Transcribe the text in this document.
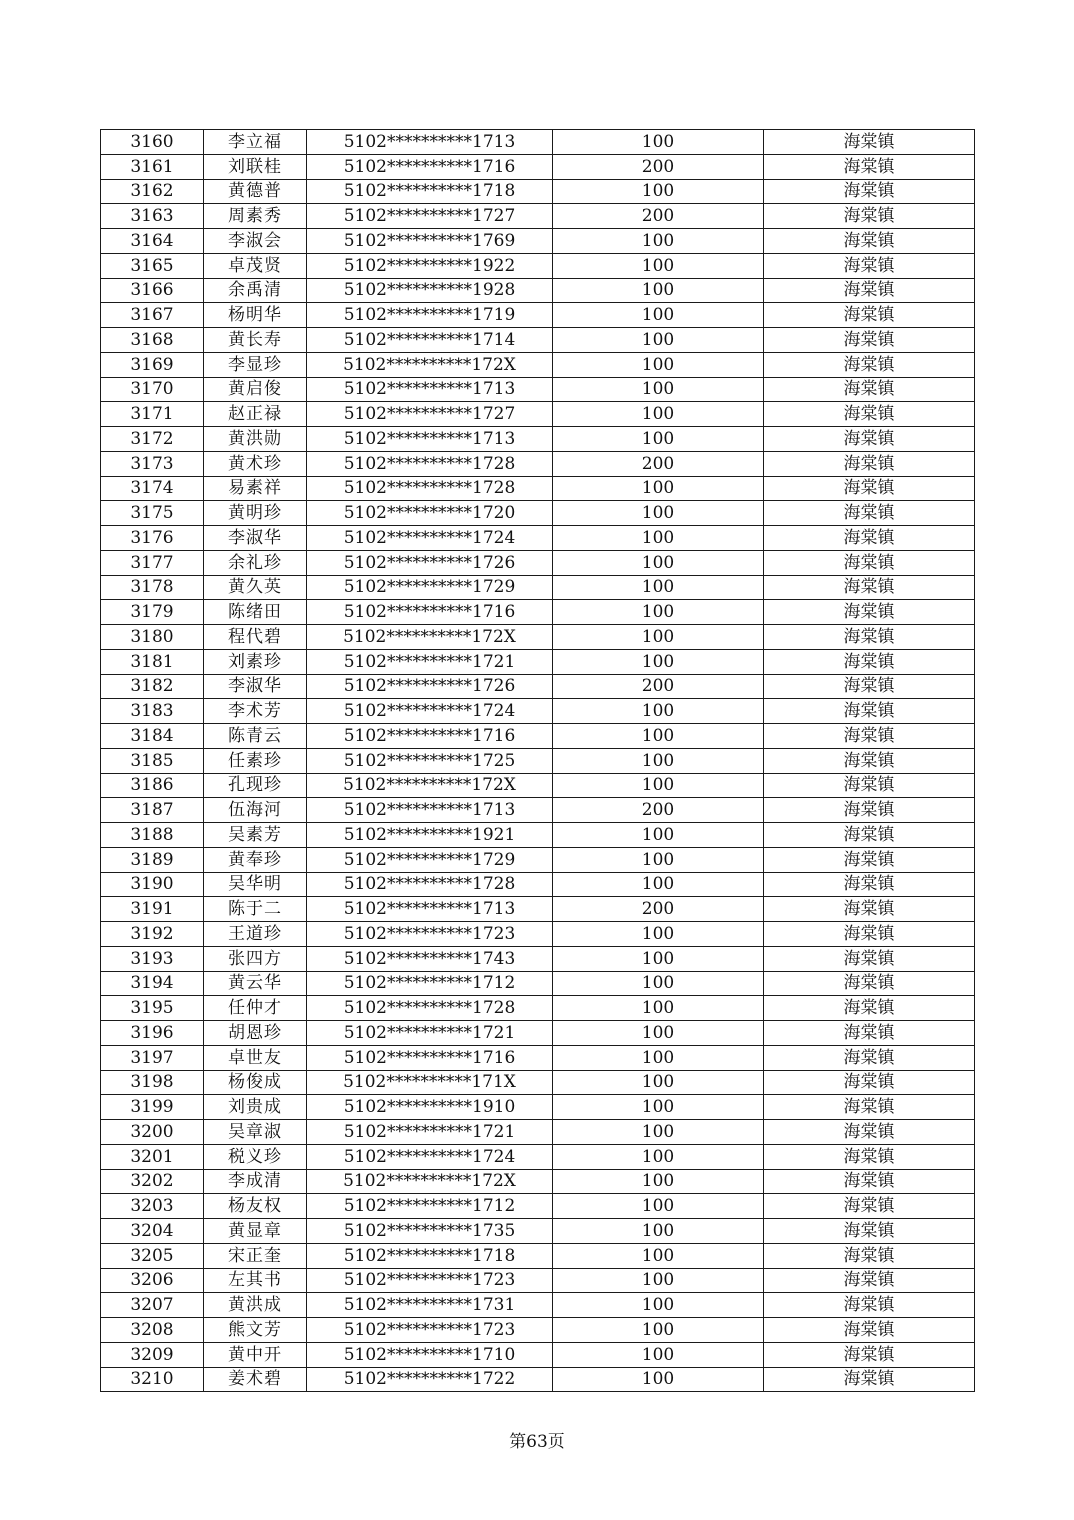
3160	李立福	5102**********1713	100	海棠镇
3161	刘联桂	5102**********1716	200	海棠镇
3162	黄德普	5102**********1718	100	海棠镇
3163	周素秀	5102**********1727	200	海棠镇
3164	李淑会	5102**********1769	100	海棠镇
3165	卓茂贤	5102**********1922	100	海棠镇
3166	余禹清	5102**********1928	100	海棠镇
3167	杨明华	5102**********1719	100	海棠镇
3168	黄长寿	5102**********1714	100	海棠镇
3169	李显珍	5102**********172X	100	海棠镇
3170	黄启俊	5102**********1713	100	海棠镇
3171	赵正禄	5102**********1727	100	海棠镇
3172	黄洪勋	5102**********1713	100	海棠镇
3173	黄术珍	5102**********1728	200	海棠镇
3174	易素祥	5102**********1728	100	海棠镇
3175	黄明珍	5102**********1720	100	海棠镇
3176	李淑华	5102**********1724	100	海棠镇
3177	余礼珍	5102**********1726	100	海棠镇
3178	黄久英	5102**********1729	100	海棠镇
3179	陈绪田	5102**********1716	100	海棠镇
3180	程代碧	5102**********172X	100	海棠镇
3181	刘素珍	5102**********1721	100	海棠镇
3182	李淑华	5102**********1726	200	海棠镇
3183	李术芳	5102**********1724	100	海棠镇
3184	陈青云	5102**********1716	100	海棠镇
3185	任素珍	5102**********1725	100	海棠镇
3186	孔现珍	5102**********172X	100	海棠镇
3187	伍海河	5102**********1713	200	海棠镇
3188	吴素芳	5102**********1921	100	海棠镇
3189	黄奉珍	5102**********1729	100	海棠镇
3190	吴华明	5102**********1728	100	海棠镇
3191	陈于二	5102**********1713	200	海棠镇
3192	王道珍	5102**********1723	100	海棠镇
3193	张四方	5102**********1743	100	海棠镇
3194	黄云华	5102**********1712	100	海棠镇
3195	任仲才	5102**********1728	100	海棠镇
3196	胡恩珍	5102**********1721	100	海棠镇
3197	卓世友	5102**********1716	100	海棠镇
3198	杨俊成	5102**********171X	100	海棠镇
3199	刘贵成	5102**********1910	100	海棠镇
3200	吴章淑	5102**********1721	100	海棠镇
3201	税义珍	5102**********1724	100	海棠镇
3202	李成清	5102**********172X	100	海棠镇
3203	杨友权	5102**********1712	100	海棠镇
3204	黄显章	5102**********1735	100	海棠镇
3205	宋正奎	5102**********1718	100	海棠镇
3206	左其书	5102**********1723	100	海棠镇
3207	黄洪成	5102**********1731	100	海棠镇
3208	熊文芳	5102**********1723	100	海棠镇
3209	黄中开	5102**********1710	100	海棠镇
3210	姜术碧	5102**********1722	100	海棠镇
第63页
